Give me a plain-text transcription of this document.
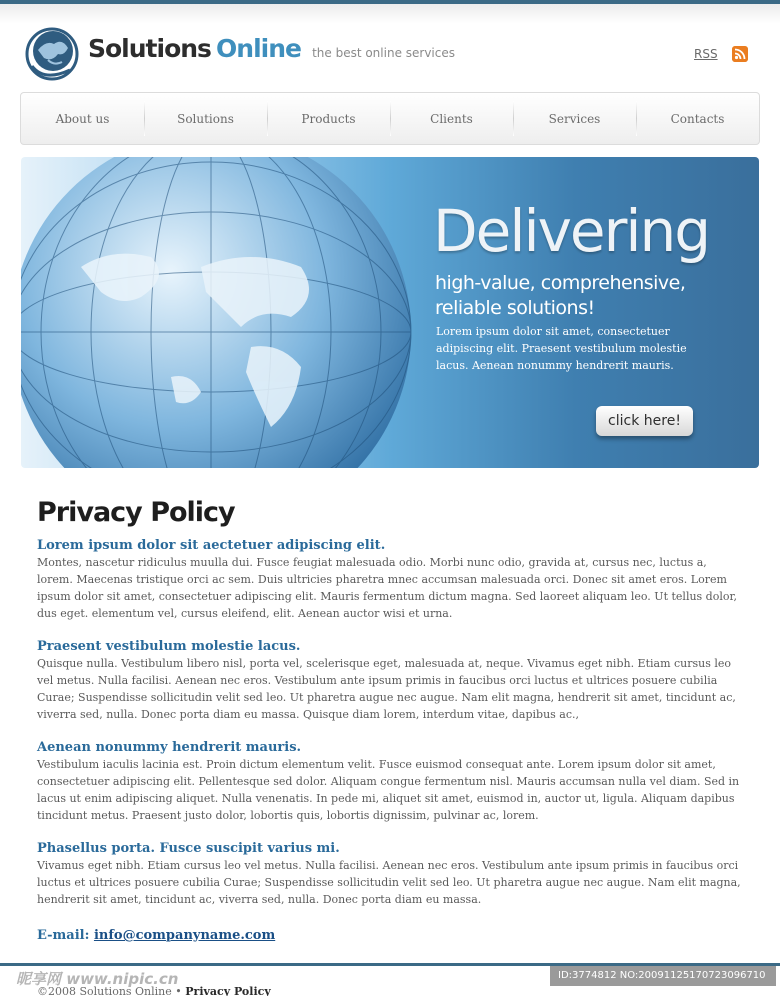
Solutions Online the best online services	RSS
About us	Solutions	Products	Clients	Services	Contacts
Delivering
high-value, comprehensive, reliable solutions!
Lorem ipsum dolor sit amet, consectetuer adipiscing elit. Praesent vestibulum molestie lacus. Aenean nonummy hendrerit mauris.
click here!
Privacy Policy
Lorem ipsum dolor sit aectetuer adipiscing elit.

Montes, nascetur ridiculus muulla dui. Fusce feugiat malesuada odio. Morbi nunc odio, gravida at, cursus nec, luctus a, lorem. Maecenas tristique orci ac sem. Duis ultricies pharetra mnec accumsan malesuada orci. Donec sit amet eros. Lorem ipsum dolor sit amet, consectetuer adipiscing elit. Mauris fermentum dictum magna. Sed laoreet aliquam leo. Ut tellus dolor, dus eget. elementum vel, cursus eleifend, elit. Aenean auctor wisi et urna.

Praesent vestibulum molestie lacus.

Quisque nulla. Vestibulum libero nisl, porta vel, scelerisque eget, malesuada at, neque. Vivamus eget nibh. Etiam cursus leo vel metus. Nulla facilisi. Aenean nec eros. Vestibulum ante ipsum primis in faucibus orci luctus et ultrices posuere cubilia Curae; Suspendisse sollicitudin velit sed leo. Ut pharetra augue nec augue. Nam elit magna, hendrerit sit amet, tincidunt ac, viverra sed, nulla. Donec porta diam eu massa. Quisque diam lorem, interdum vitae, dapibus ac.,

Aenean nonummy hendrerit mauris.

Vestibulum iaculis lacinia est. Proin dictum elementum velit. Fusce euismod consequat ante. Lorem ipsum dolor sit amet, consectetuer adipiscing elit. Pellentesque sed dolor. Aliquam congue fermentum nisl. Mauris accumsan nulla vel diam. Sed in lacus ut enim adipiscing aliquet. Nulla venenatis. In pede mi, aliquet sit amet, euismod in, auctor ut, ligula. Aliquam dapibus tincidunt metus. Praesent justo dolor, lobortis quis, lobortis dignissim, pulvinar ac, lorem.

Phasellus porta. Fusce suscipit varius mi.

Vivamus eget nibh. Etiam cursus leo vel metus. Nulla facilisi. Aenean nec eros. Vestibulum ante ipsum primis in faucibus orci luctus et ultrices posuere cubilia Curae; Suspendisse sollicitudin velit sed leo. Ut pharetra augue nec augue. Nam elit magna, hendrerit sit amet, tincidunt ac, viverra sed, nulla. Donec porta diam eu massa.

E-mail: info@companyname.com
©2008 Solutions Online • Privacy Policy
昵享网 www.nipic.cn	ID:3774812 NO:20091125170723096710
